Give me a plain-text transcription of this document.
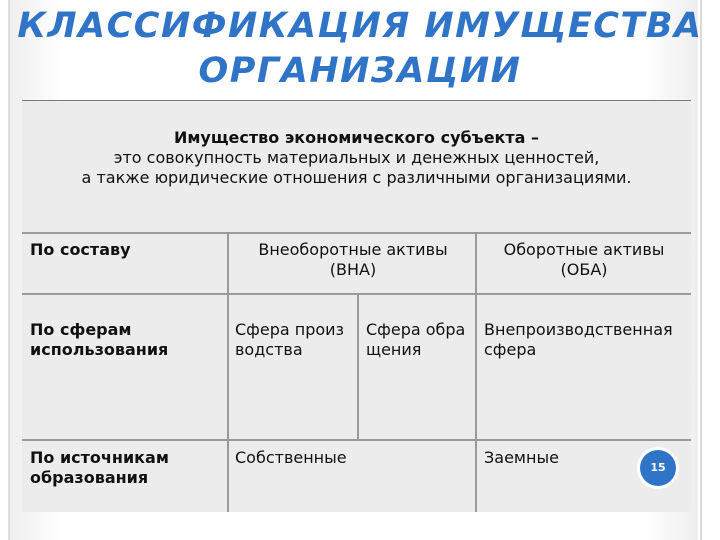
КЛАССИФИКАЦИЯ ИМУЩЕСТВА
ОРГАНИЗАЦИИ
Имущество экономического субъекта –
это совокупность материальных и денежных ценностей,
а также юридические отношения с различными организациями.
По составу	Внеоборотные активы (ВНА)
Оборотные активы (ОБА)
По сферам использования
Сфера производства
Сфера обращения
Внепроизводственная сфера
По источникам образования
Собственные	Заемные
15
